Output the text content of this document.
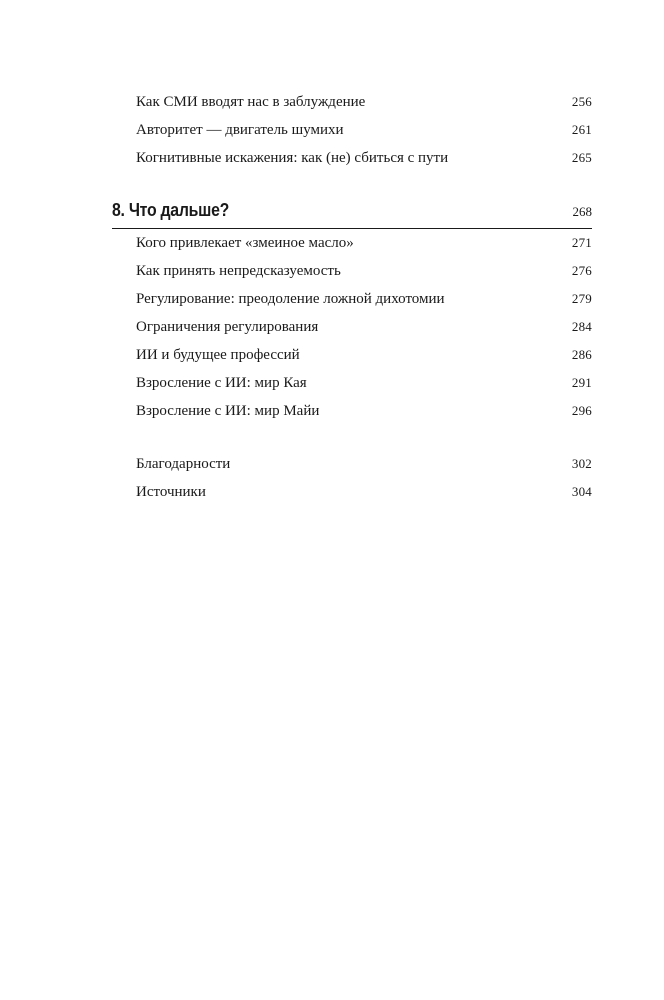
Как СМИ вводят нас в заблуждение	256
Авторитет — двигатель шумихи	261
Когнитивные искажения: как (не) сбиться с пути	265
8. Что дальше?	268
Кого привлекает «змеиное масло»	271
Как принять непредсказуемость	276
Регулирование: преодоление ложной дихотомии	279
Ограничения регулирования	284
ИИ и будущее профессий	286
Взросление с ИИ: мир Кая	291
Взросление с ИИ: мир Майи	296
Благодарности	302
Источники	304
